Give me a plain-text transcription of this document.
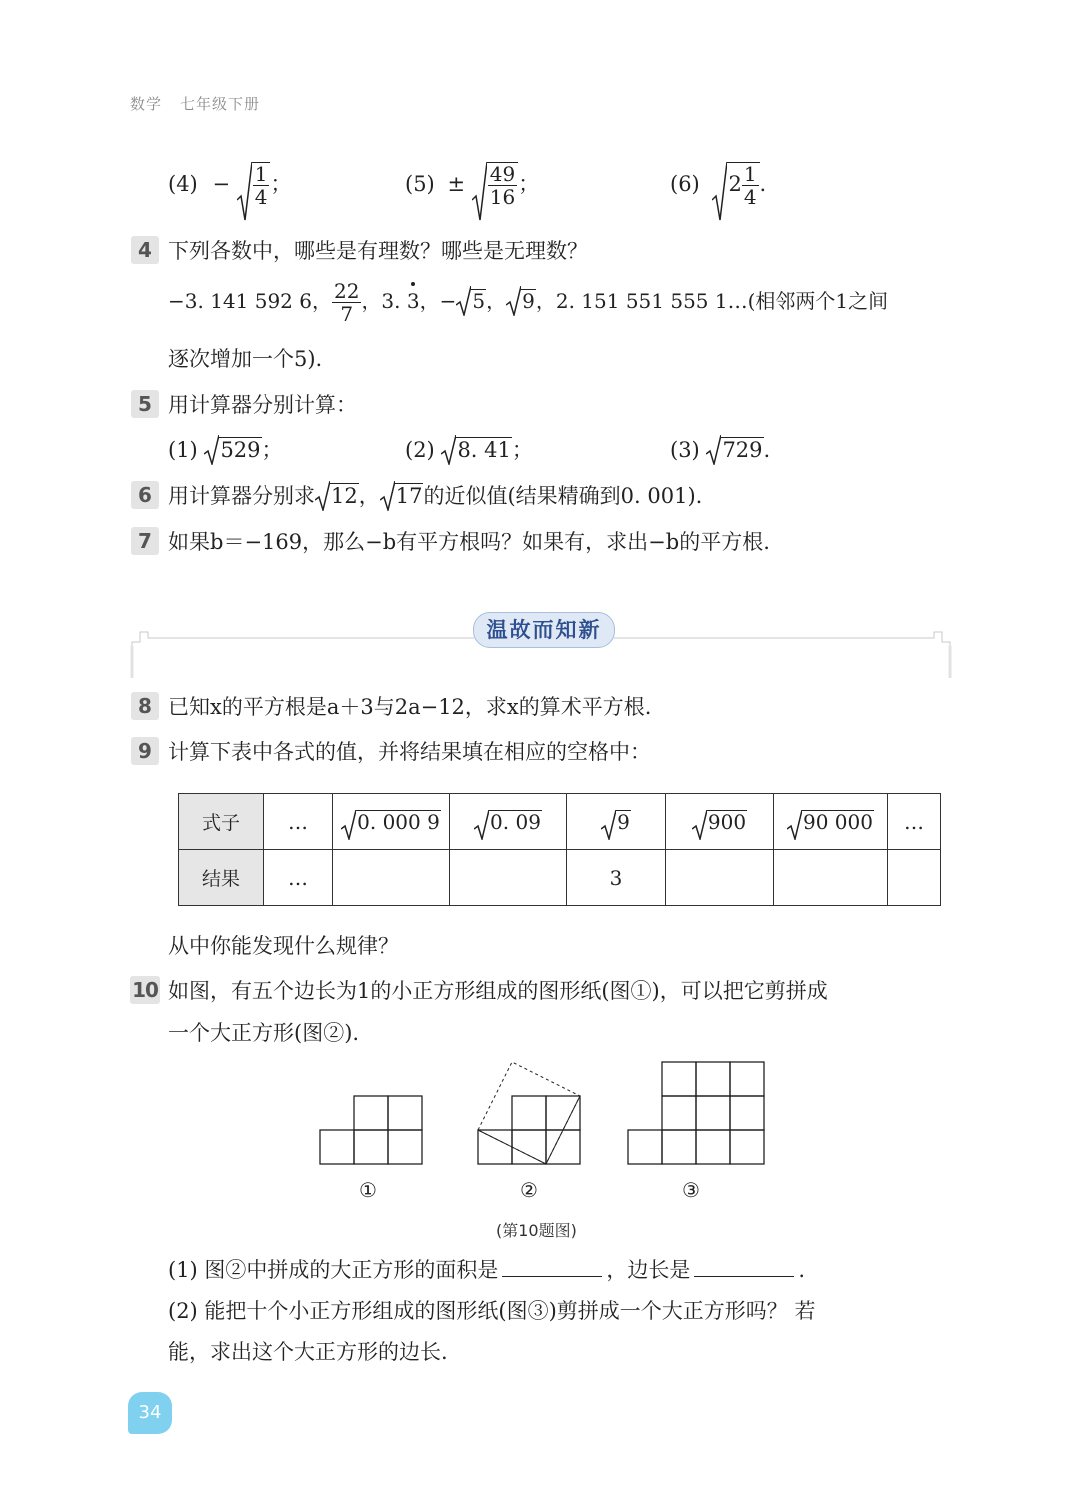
数学 七年级下册
$(4) - \frac{1}{4}$ ；	$(5) \pm \frac{49}{16}$ ；	(6) $2 \frac{1}{4}$ .
4 下列各数中，哪些是有理数？哪些是无理数？
−3. 141 592 6， $\frac{22}{7}$ ，3. 3，− 5， 9，2. 151 551 555 1…(相邻两个1之间
逐次增加一个5).
5 用计算器分别计算：
(1) 529；	(2) 8. 41；	(3) 729.
6 用计算器分别求 12， 17的近似值(结果精确到0. 001).
7 如果b＝−169，那么−b有平方根吗？如果有，求出−b的平方根.
温故而知新
8 已知x的平方根是a＋3与2a−12，求x的算术平方根.
9 计算下表中各式的值，并将结果填在相应的空格中：
式子	…	0. 000 9	0. 09	9	900	90 000	…
结果	…			3			
从中你能发现什么规律？
10 如图，有五个边长为1的小正方形组成的图形纸(图①)，可以把它剪拼成
一个大正方形(图②).
①	②	③
(第10题图)
(1) 图②中拼成的大正方形的面积是	，边长是	.
(2) 能把十个小正方形组成的图形纸(图③)剪拼成一个大正方形吗？ 若
能，求出这个大正方形的边长.
34
